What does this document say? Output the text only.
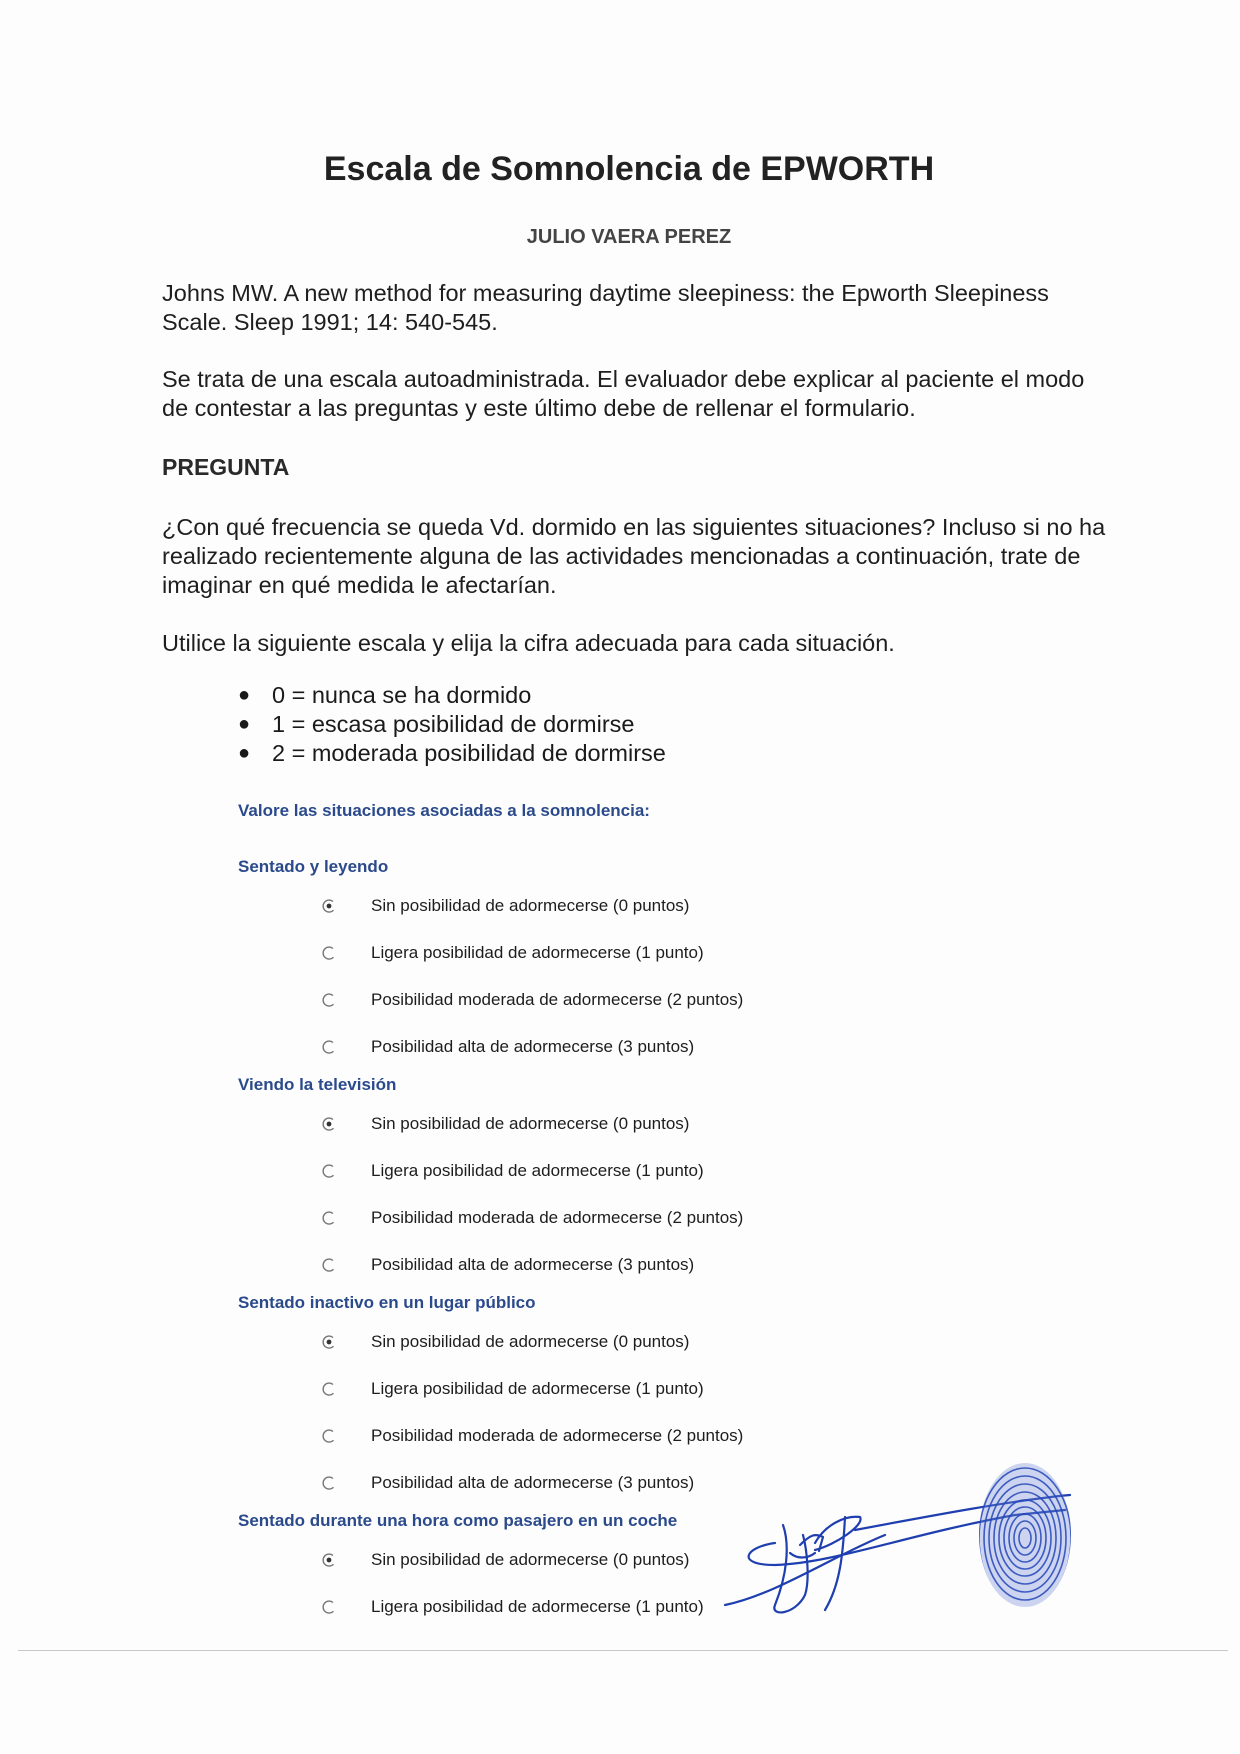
Escala de Somnolencia de EPWORTH
JULIO VAERA PEREZ
Johns MW. A new method for measuring daytime sleepiness: the Epworth Sleepiness Scale. Sleep 1991; 14: 540-545.
Se trata de una escala autoadministrada. El evaluador debe explicar al paciente el modo de contestar a las preguntas y este último debe de rellenar el formulario.
PREGUNTA
¿Con qué frecuencia se queda Vd. dormido en las siguientes situaciones? Incluso si no ha realizado recientemente alguna de las actividades mencionadas a continuación, trate de imaginar en qué medida le afectarían.
Utilice la siguiente escala y elija la cifra adecuada para cada situación.
● 0 = nunca se ha dormido
● 1 = escasa posibilidad de dormirse
● 2 = moderada posibilidad de dormirse
Valore las situaciones asociadas a la somnolencia:
Sentado y leyendo
Sin posibilidad de adormecerse (0 puntos)
Ligera posibilidad de adormecerse (1 punto)
Posibilidad moderada de adormecerse (2 puntos)
Posibilidad alta de adormecerse (3 puntos)
Viendo la televisión
Sin posibilidad de adormecerse (0 puntos)
Ligera posibilidad de adormecerse (1 punto)
Posibilidad moderada de adormecerse (2 puntos)
Posibilidad alta de adormecerse (3 puntos)
Sentado inactivo en un lugar público
Sin posibilidad de adormecerse (0 puntos)
Ligera posibilidad de adormecerse (1 punto)
Posibilidad moderada de adormecerse (2 puntos)
Posibilidad alta de adormecerse (3 puntos)
Sentado durante una hora como pasajero en un coche
Sin posibilidad de adormecerse (0 puntos)
Ligera posibilidad de adormecerse (1 punto)
